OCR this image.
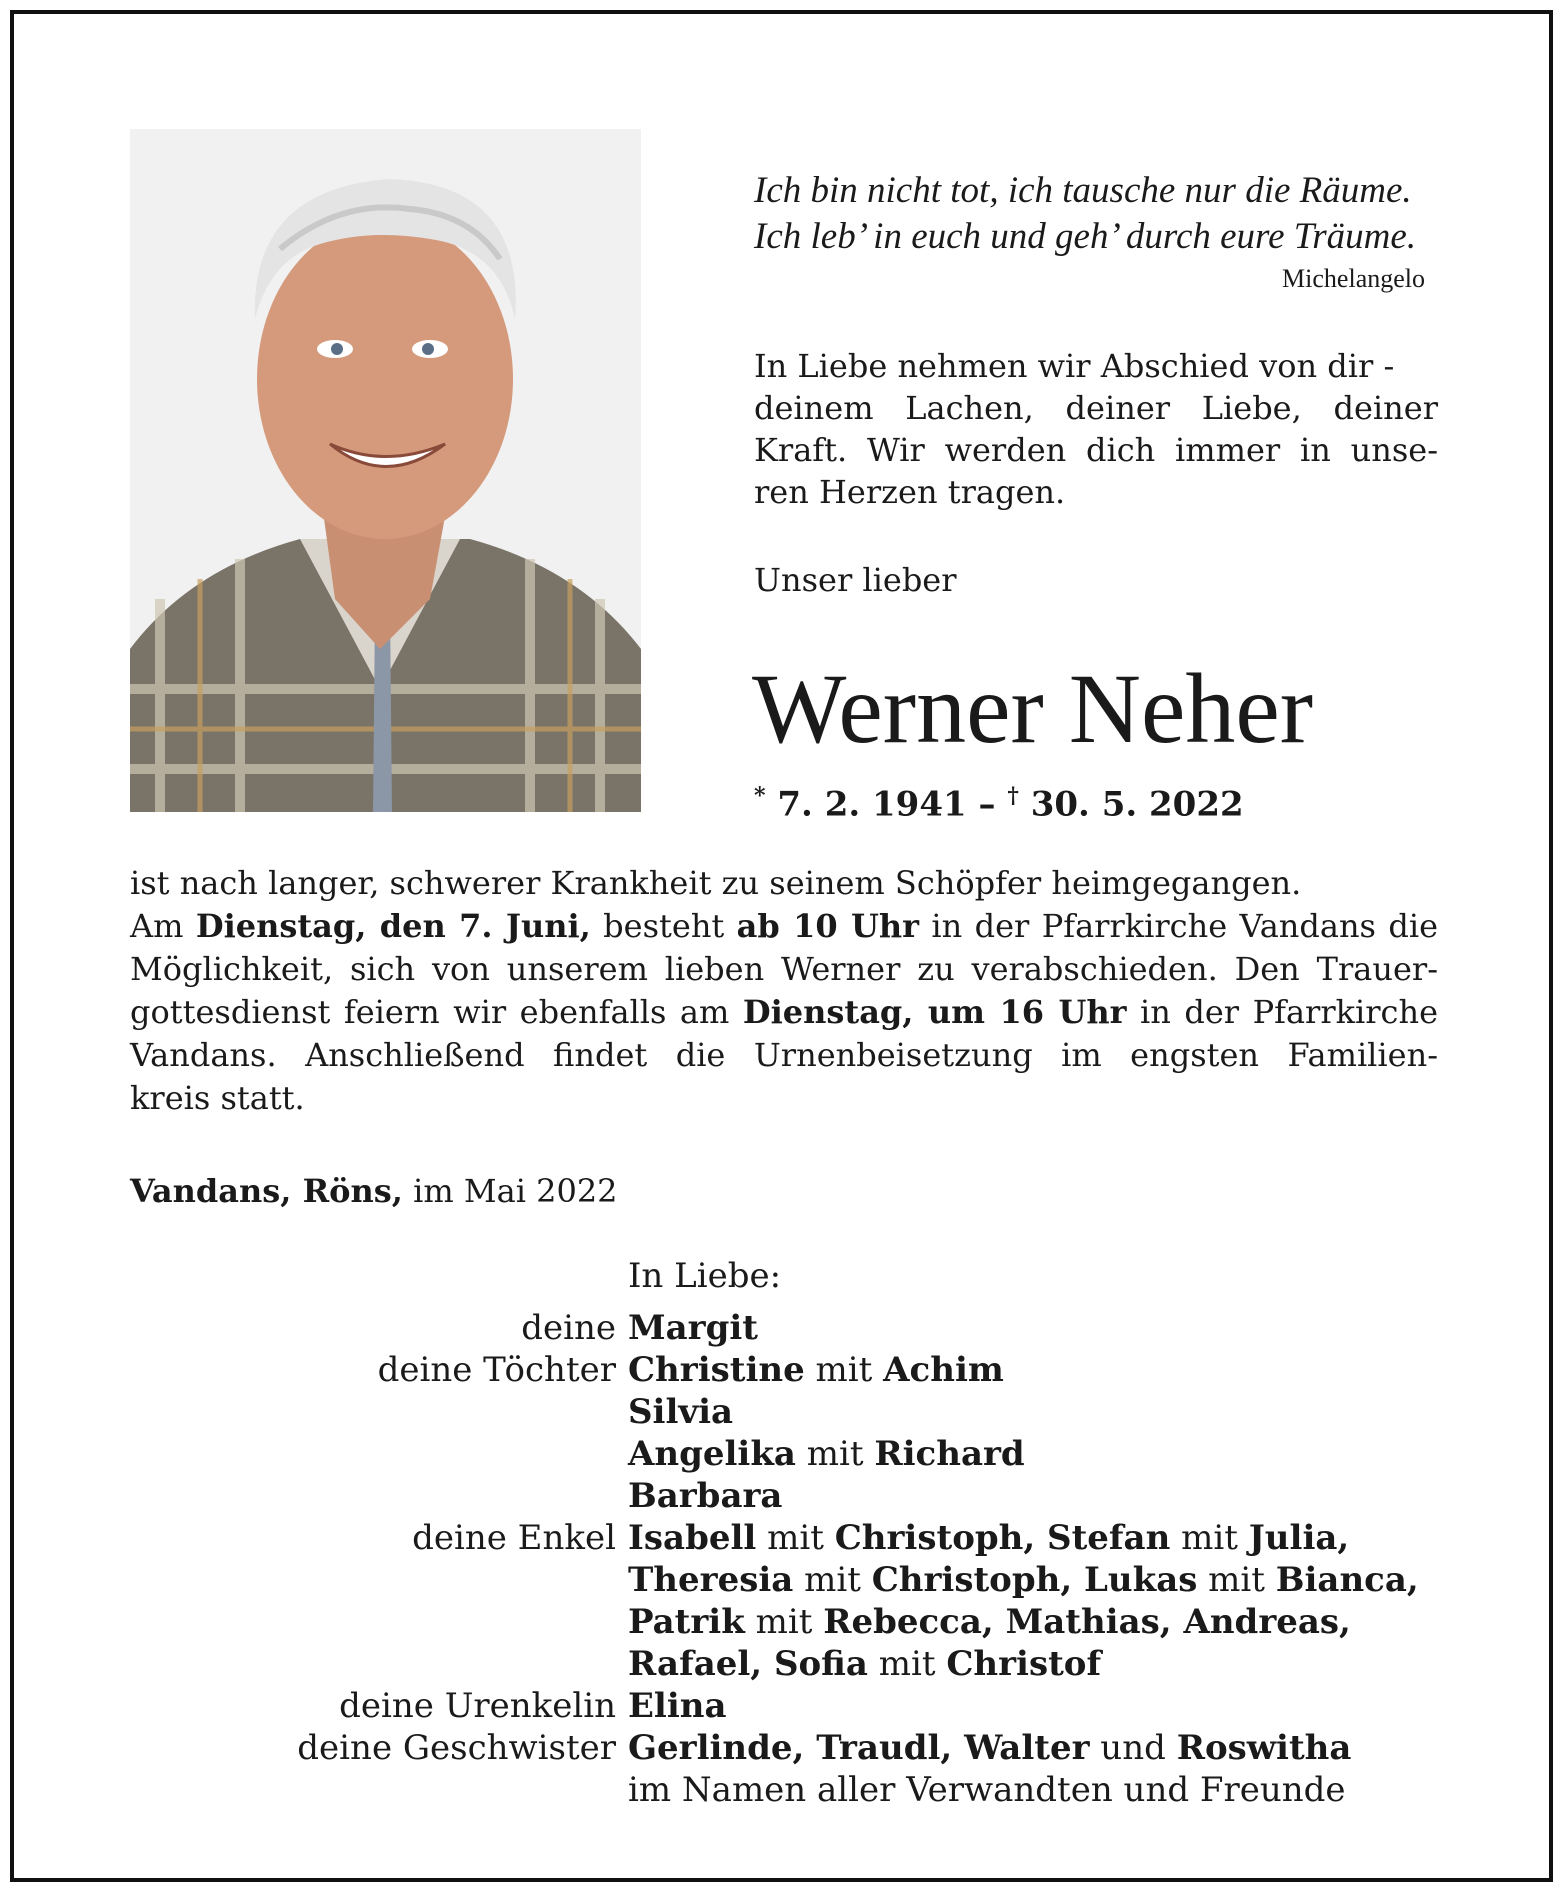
Ich bin nicht tot, ich tausche nur die Räume.
Ich leb’ in euch und geh’ durch eure Träume.
Michelangelo
In Liebe nehmen wir Abschied von dir -
deinem Lachen, deiner Liebe, deiner
Kraft. Wir werden dich immer in unse-
ren Herzen tragen.
Unser lieber
Werner Neher
* 7. 2. 1941 – † 30. 5. 2022
ist nach langer, schwerer Krankheit zu seinem Schöpfer heimgegangen.
Am Dienstag, den 7. Juni, besteht ab 10 Uhr in der Pfarrkirche Vandans die
Möglichkeit, sich von unserem lieben Werner zu verabschieden. Den Trauer-
gottesdienst feiern wir ebenfalls am Dienstag, um 16 Uhr in der Pfarrkirche
Vandans. Anschließend findet die Urnenbeisetzung im engsten Familien-
kreis statt.
Vandans, Röns, im Mai 2022
In Liebe:
deine Margit
deine Töchter Christine mit Achim
Silvia
Angelika mit Richard
Barbara
deine Enkel Isabell mit Christoph, Stefan mit Julia,
Theresia mit Christoph, Lukas mit Bianca,
Patrik mit Rebecca, Mathias, Andreas,
Rafael, Sofia mit Christof
deine Urenkelin Elina
deine Geschwister Gerlinde, Traudl, Walter und Roswitha
im Namen aller Verwandten und Freunde
